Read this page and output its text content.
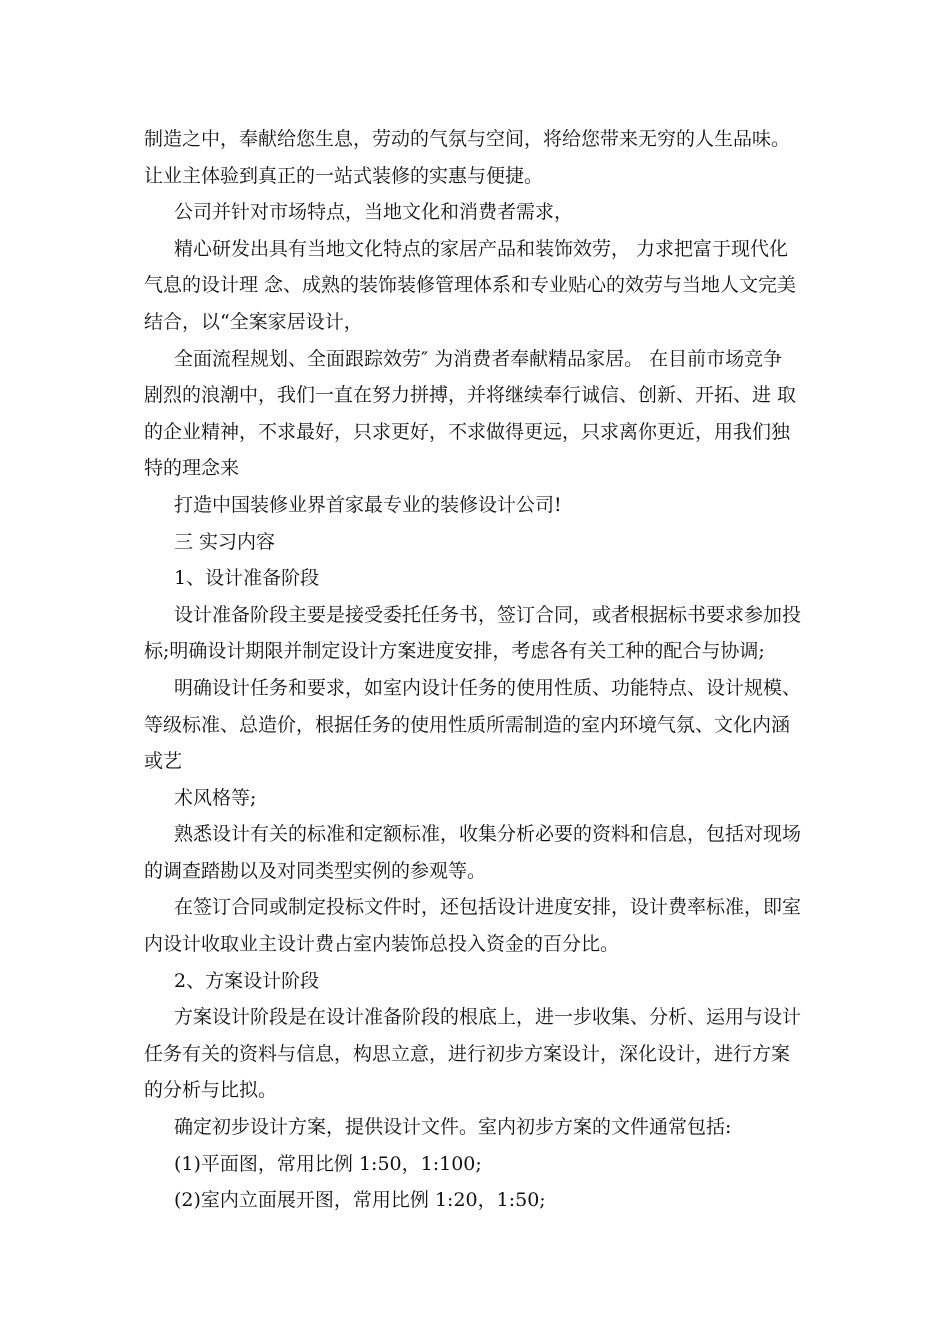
制造之中，奉献给您生息，劳动的气氛与空间，将给您带来无穷的人生品味。
让业主体验到真正的一站式装修的实惠与便捷。
公司并针对市场特点，当地文化和消费者需求，
精心研发出具有当地文化特点的家居产品和装饰效劳， 力求把富于现代化
气息的设计理 念、成熟的装饰装修管理体系和专业贴心的效劳与当地人文完美
结合，以“全案家居设计，
全面流程规划、全面跟踪效劳″ 为消费者奉献精品家居。 在目前市场竞争
剧烈的浪潮中，我们一直在努力拼搏，并将继续奉行诚信、创新、开拓、进 取
的企业精神，不求最好，只求更好，不求做得更远，只求离你更近，用我们独
特的理念来
打造中国装修业界首家最专业的装修设计公司!
三 实习内容
1、设计准备阶段
设计准备阶段主要是接受委托任务书，签订合同，或者根据标书要求参加投
标;明确设计期限并制定设计方案进度安排，考虑各有关工种的配合与协调;
明确设计任务和要求，如室内设计任务的使用性质、功能特点、设计规模、
等级标准、总造价，根据任务的使用性质所需制造的室内环境气氛、文化内涵
或艺
术风格等;
熟悉设计有关的标准和定额标准，收集分析必要的资料和信息，包括对现场
的调查踏勘以及对同类型实例的参观等。
在签订合同或制定投标文件时，还包括设计进度安排，设计费率标准，即室
内设计收取业主设计费占室内装饰总投入资金的百分比。
2、方案设计阶段
方案设计阶段是在设计准备阶段的根底上，进一步收集、分析、运用与设计
任务有关的资料与信息，构思立意，进行初步方案设计，深化设计，进行方案
的分析与比拟。
确定初步设计方案，提供设计文件。室内初步方案的文件通常包括:
(1)平面图，常用比例 1:50，1:100;
(2)室内立面展开图，常用比例 1:20，1:50;
